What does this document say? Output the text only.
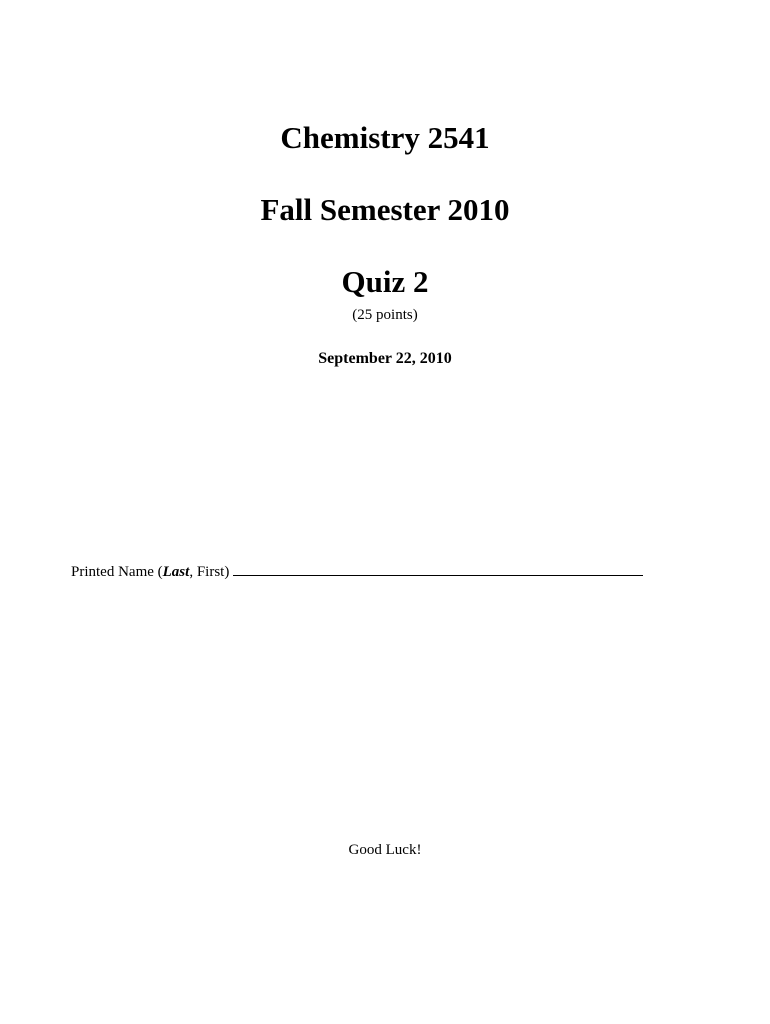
Chemistry 2541
Fall Semester 2010
Quiz 2
(25 points)
September 22, 2010
Printed Name (Last, First)
Good Luck!
